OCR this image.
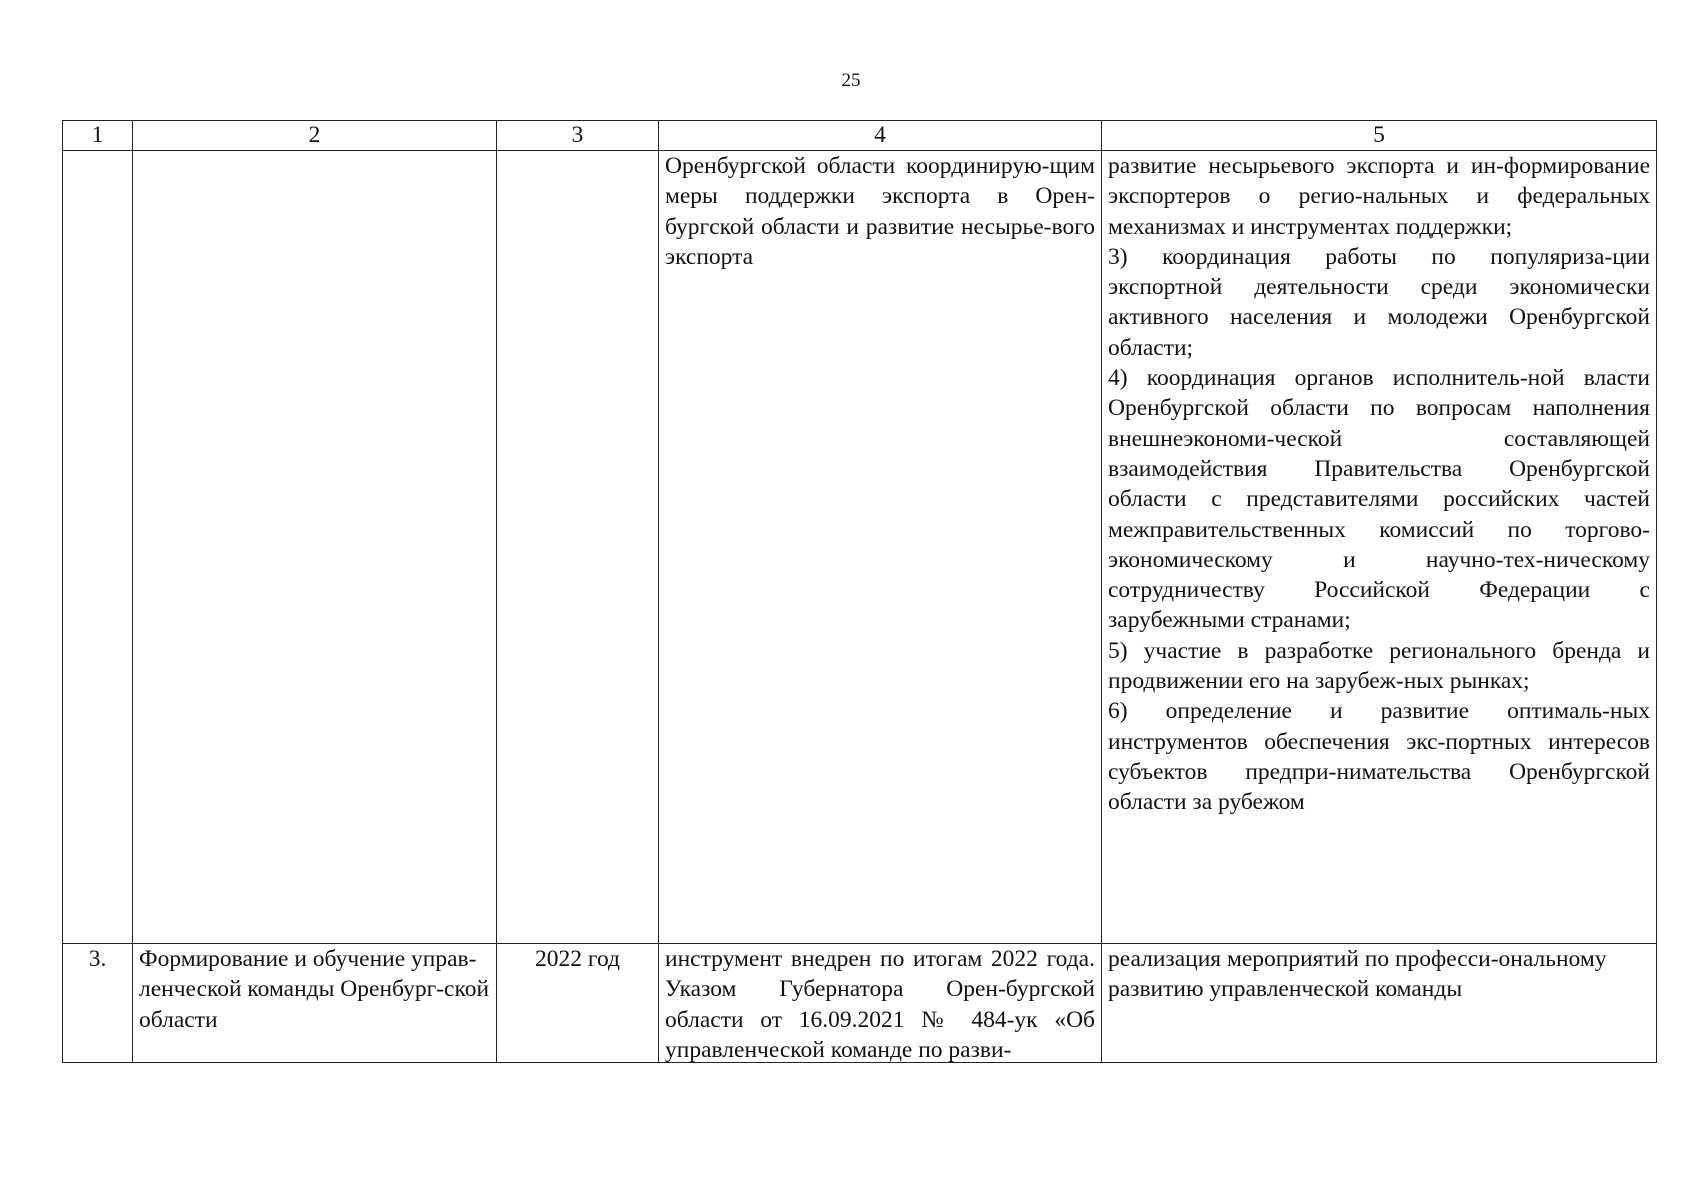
25
1	2	3	4	5
			Оренбургской области координирую-щим меры поддержки экспорта в Орен-бургской области и развитие несырье-вого экспорта	развитие несырьевого экспорта и ин-формирование экспортеров о регио-нальных и федеральных механизмах и инструментах поддержки;

3) координация работы по популяриза-ции экспортной деятельности среди экономически активного населения и молодежи Оренбургской области;

4) координация органов исполнитель-ной власти Оренбургской области по вопросам наполнения внешнеэкономи-ческой составляющей взаимодействия Правительства Оренбургской области с представителями российских частей межправительственных комиссий по торгово-экономическому и научно-тех-ническому сотрудничеству Российской Федерации с зарубежными странами;

5) участие в разработке регионального бренда и продвижении его на зарубеж-ных рынках;

6) определение и развитие оптималь-ных инструментов обеспечения экс-портных интересов субъектов предпри-нимательства Оренбургской области за рубежом

3.	Формирование и обучение управ-ленческой команды Оренбург-ской области	2022 год	инструмент внедрен по итогам 2022 года. Указом Губернатора Орен-бургской области от 16.09.2021 № 484-ук «Об управленческой команде по разви-	реализация мероприятий по професси-ональному развитию управленческой команды
